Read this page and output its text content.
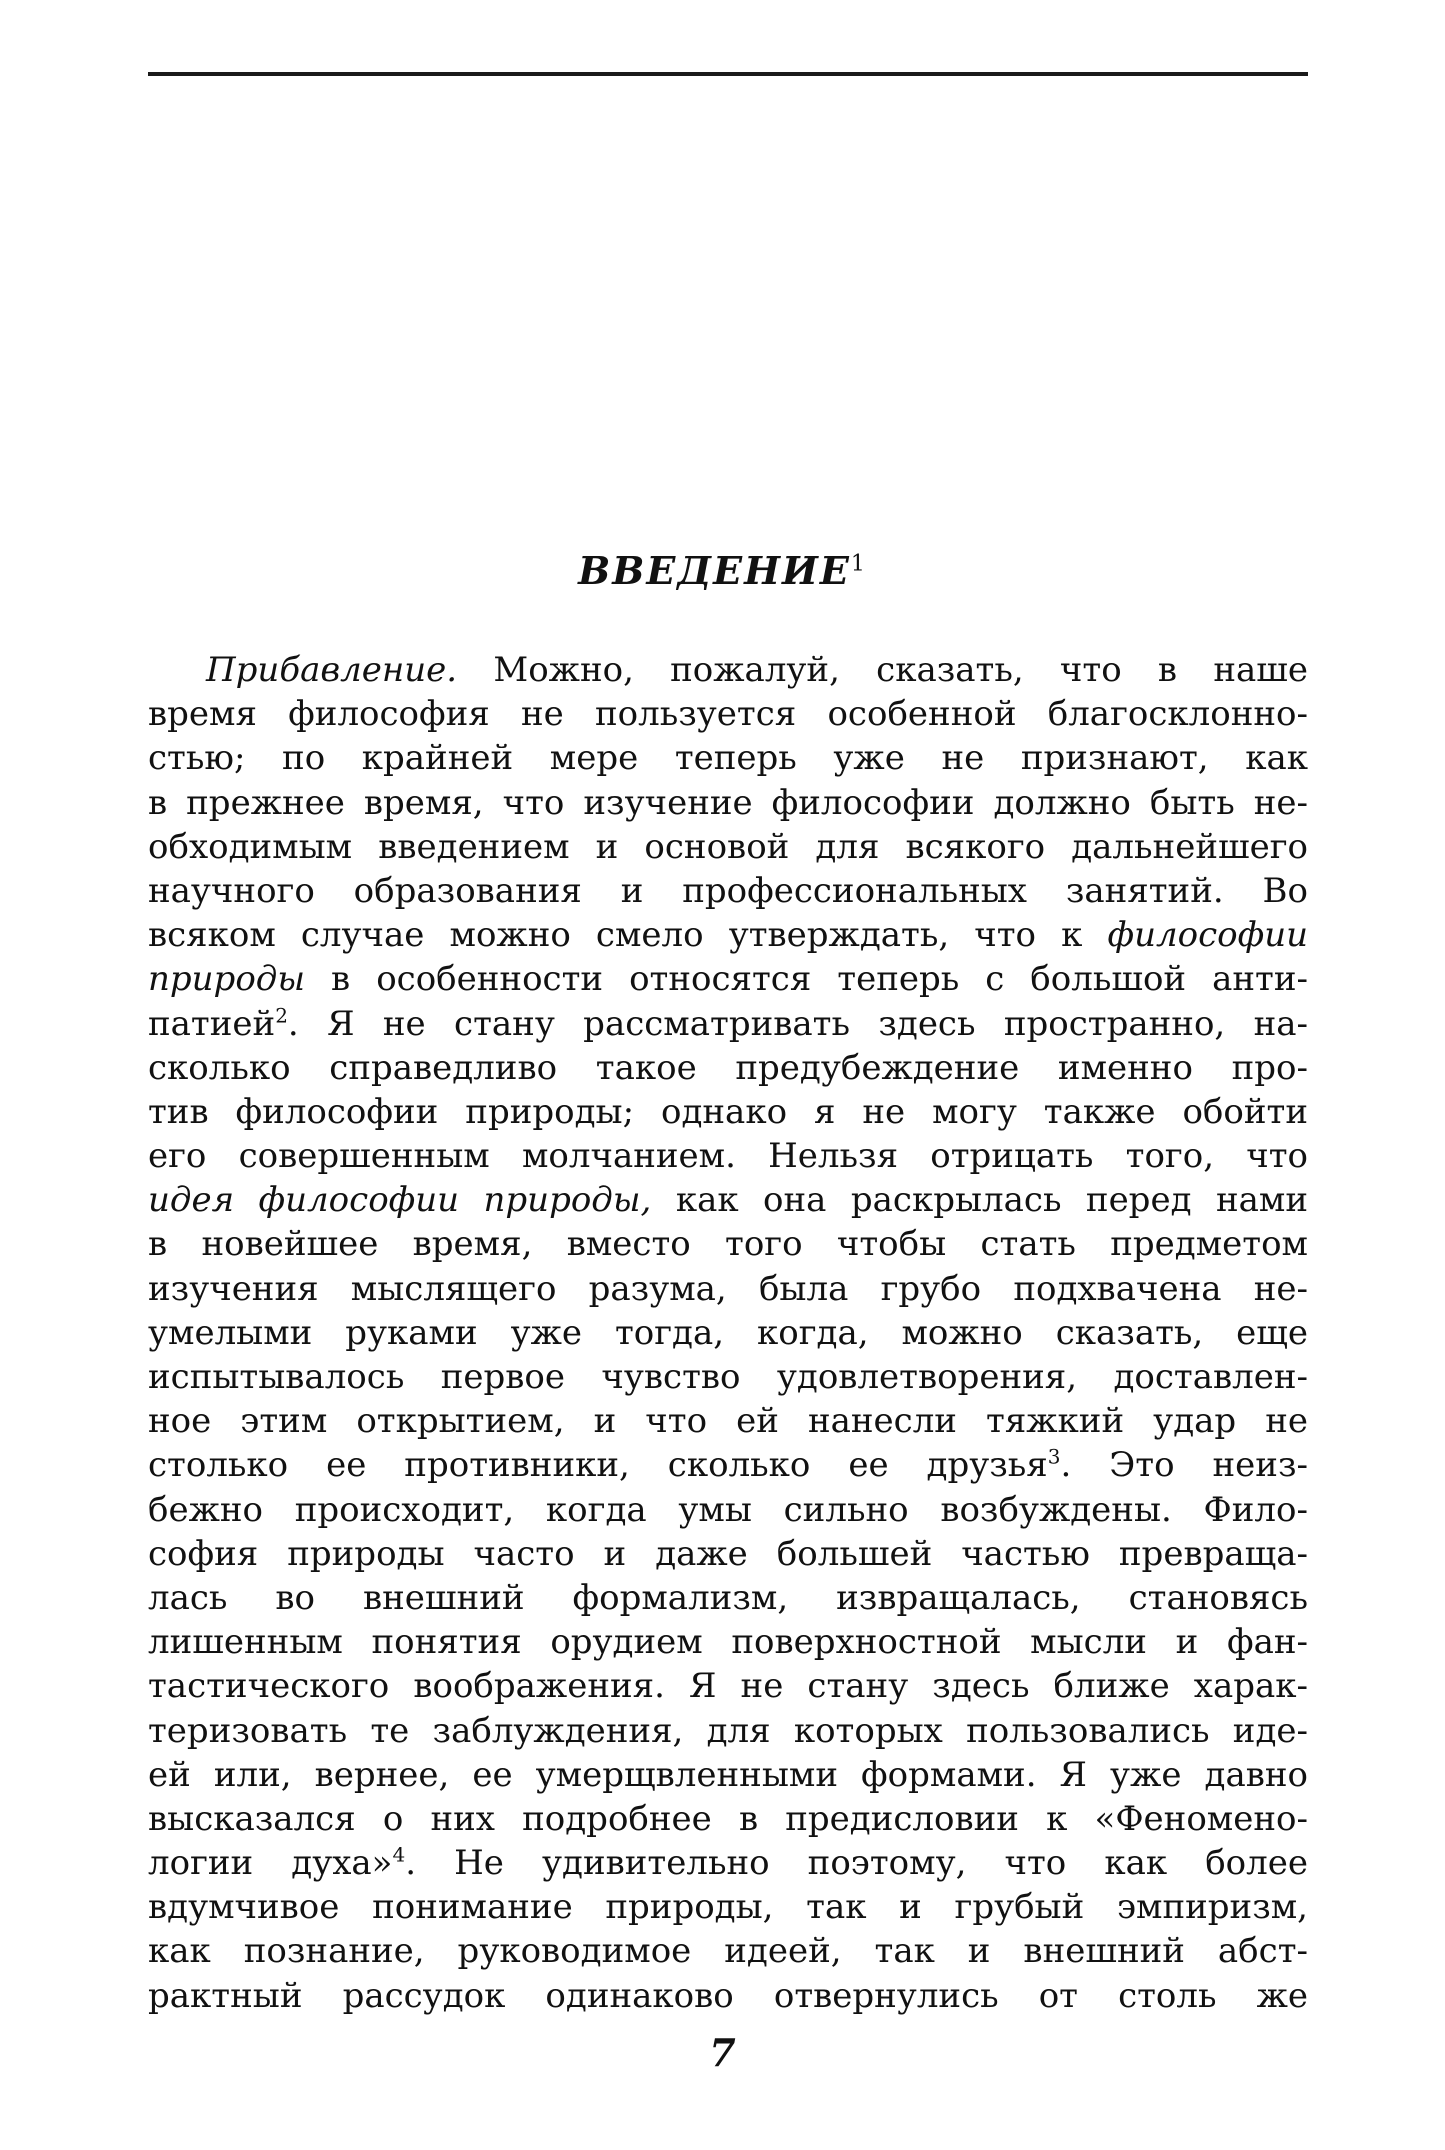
ВВЕДЕНИЕ$^1$
Прибавление. Можно, пожалуй, сказать, что в наше
время философия не пользуется особенной благосклонно-
стью; по крайней мере теперь уже не признают, как
в прежнее время, что изучение философии должно быть не-
обходимым введением и основой для всякого дальнейшего
научного образования и профессиональных занятий. Во
всяком случае можно смело утверждать, что к философии
природы в особенности относятся теперь с большой анти-
патией$^2$. Я не стану рассматривать здесь пространно, на-
сколько справедливо такое предубеждение именно про-
тив философии природы; однако я не могу также обойти
его совершенным молчанием. Нельзя отрицать того, что
идея философии природы, как она раскрылась перед нами
в новейшее время, вместо того чтобы стать предметом
изучения мыслящего разума, была грубо подхвачена не-
умелыми руками уже тогда, когда, можно сказать, еще
испытывалось первое чувство удовлетворения, доставлен-
ное этим открытием, и что ей нанесли тяжкий удар не
столько ее противники, сколько ее друзья$^3$. Это неиз-
бежно происходит, когда умы сильно возбуждены. Фило-
софия природы часто и даже большей частью превраща-
лась во внешний формализм, извращалась, становясь
лишенным понятия орудием поверхностной мысли и фан-
тастического воображения. Я не стану здесь ближе харак-
теризовать те заблуждения, для которых пользовались иде-
ей или, вернее, ее умерщвленными формами. Я уже давно
высказался о них подробнее в предисловии к «Феномено-
логии духа»$^4$. Не удивительно поэтому, что как более
вдумчивое понимание природы, так и грубый эмпиризм,
как познание, руководимое идеей, так и внешний абст-
рактный рассудок одинаково отвернулись от столь же
7
